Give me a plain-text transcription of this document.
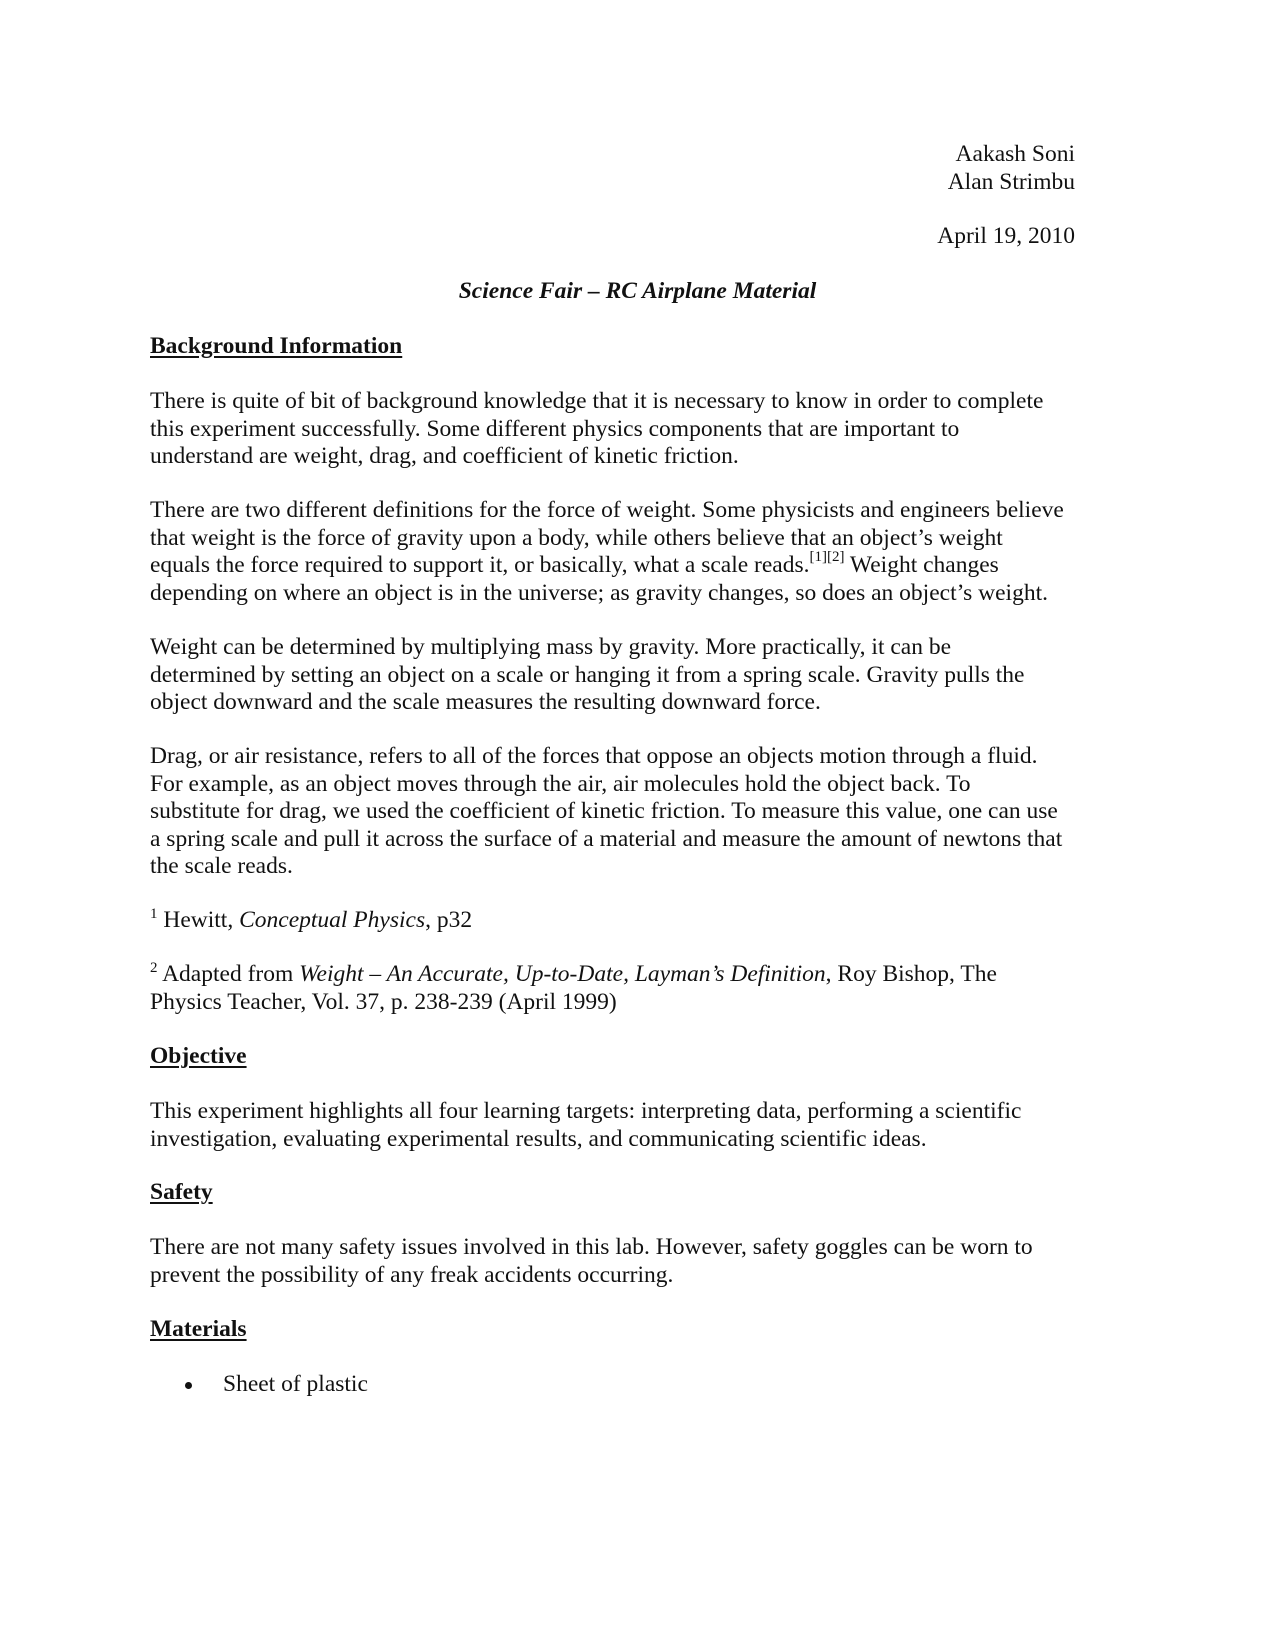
Aakash Soni
Alan Strimbu
April 19, 2010
Science Fair – RC Airplane Material
Background Information
There is quite of bit of background knowledge that it is necessary to know in order to complete
this experiment successfully. Some different physics components that are important to
understand are weight, drag, and coefficient of kinetic friction.
There are two different definitions for the force of weight. Some physicists and engineers believe
that weight is the force of gravity upon a body, while others believe that an object’s weight
equals the force required to support it, or basically, what a scale reads.[1][2] Weight changes
depending on where an object is in the universe; as gravity changes, so does an object’s weight.
Weight can be determined by multiplying mass by gravity. More practically, it can be
determined by setting an object on a scale or hanging it from a spring scale. Gravity pulls the
object downward and the scale measures the resulting downward force.
Drag, or air resistance, refers to all of the forces that oppose an objects motion through a fluid.
For example, as an object moves through the air, air molecules hold the object back. To
substitute for drag, we used the coefficient of kinetic friction. To measure this value, one can use
a spring scale and pull it across the surface of a material and measure the amount of newtons that
the scale reads.
$^1$ Hewitt, Conceptual Physics, p32
$^2$ Adapted from Weight – An Accurate, Up-to-Date, Layman’s Definition, Roy Bishop, The
Physics Teacher, Vol. 37, p. 238-239 (April 1999)
Objective
This experiment highlights all four learning targets: interpreting data, performing a scientific
investigation, evaluating experimental results, and communicating scientific ideas.
Safety
There are not many safety issues involved in this lab. However, safety goggles can be worn to
prevent the possibility of any freak accidents occurring.
Materials
Sheet of plastic
